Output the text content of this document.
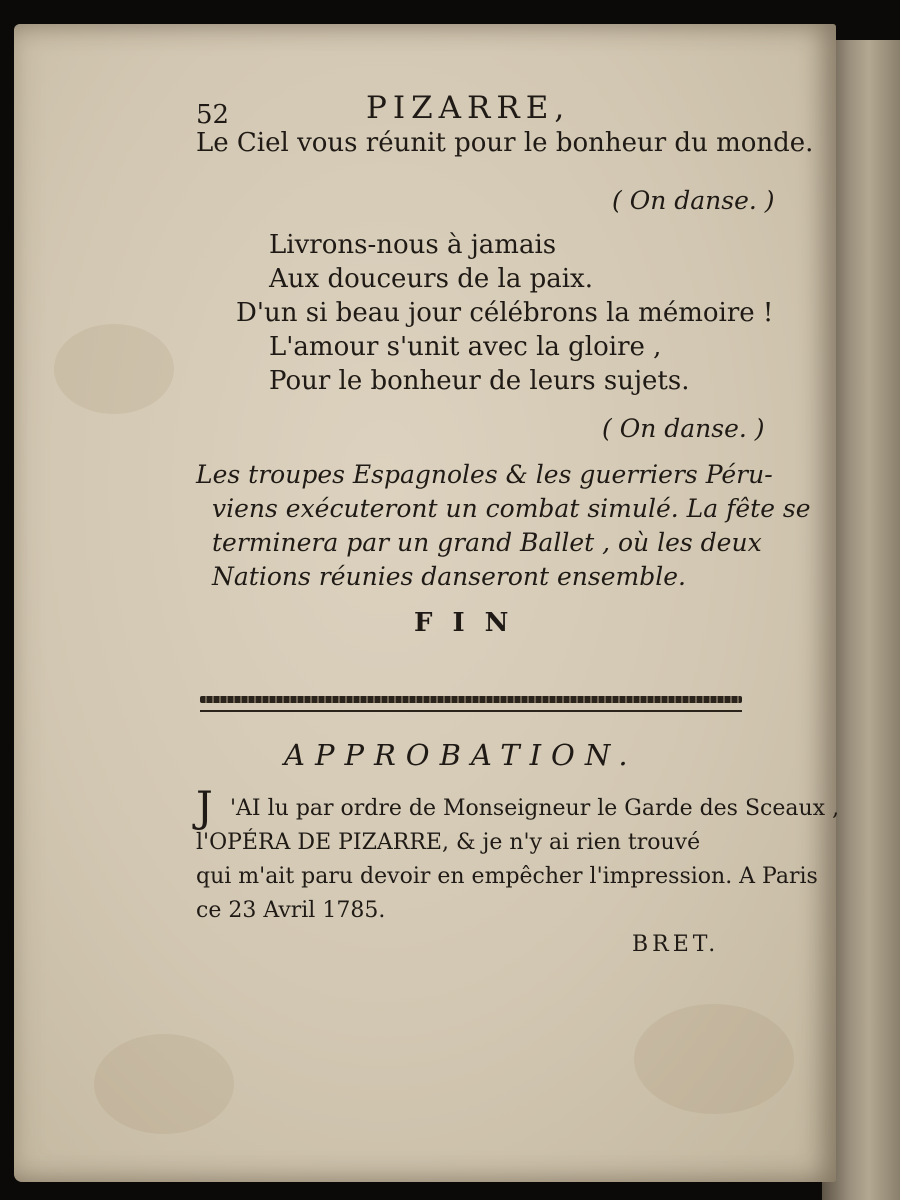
52	PIZARRE,
Le Ciel vous réunit pour le bonheur du monde.
( On danse. )
Livrons-nous à jamais
Aux douceurs de la paix.
D'un si beau jour célébrons la mémoire !
L'amour s'unit avec la gloire ,
Pour le bonheur de leurs sujets.
( On danse. )
Les troupes Espagnoles & les guerriers Péru-
viens exécuteront un combat simulé. La fête se
terminera par un grand Ballet , où les deux
Nations réunies danseront ensemble.
FIN
APPROBATION.
J 'AI lu par ordre de Monseigneur le Garde des Sceaux ,
l'OPÉRA DE PIZARRE, & je n'y ai rien trouvé
qui m'ait paru devoir en empêcher l'impression. A Paris
ce 23 Avril 1785.
BRET.
